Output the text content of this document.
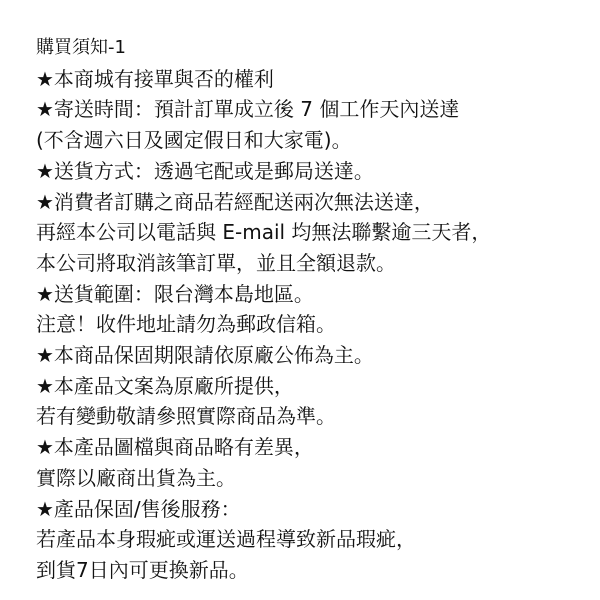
購買須知-1
★本商城有接單與否的權利
★寄送時間：預計訂單成立後 7 個工作天內送達
(不含週六日及國定假日和大家電)。
★送貨方式：透過宅配或是郵局送達。
★消費者訂購之商品若經配送兩次無法送達，
再經本公司以電話與 E-mail 均無法聯繫逾三天者，
本公司將取消該筆訂單，並且全額退款。
★送貨範圍：限台灣本島地區。
注意！收件地址請勿為郵政信箱。
★本商品保固期限請依原廠公佈為主。
★本產品文案為原廠所提供，
若有變動敬請參照實際商品為準。
★本產品圖檔與商品略有差異，
實際以廠商出貨為主。
★產品保固/售後服務：
若產品本身瑕疵或運送過程導致新品瑕疵，
到貨7日內可更換新品。
